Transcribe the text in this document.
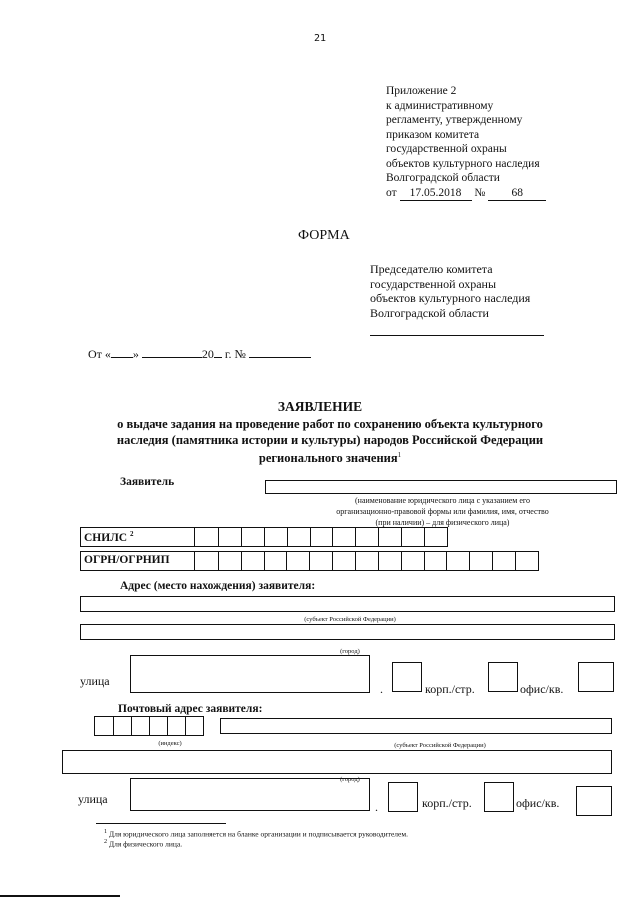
21
Приложение 2
к административному
регламенту, утвержденному
приказом комитета
государственной охраны
объектов культурного наследия
Волгоградской области
от 17.05.2018 № 68
ФОРМА
Председателю комитета
государственной охраны
объектов культурного наследия
Волгоградской области
От « »	20 г. №
ЗАЯВЛЕНИЕ
о выдаче задания на проведение работ по сохранению объекта культурного
наследия (памятника истории и культуры) народов Российской Федерации
регионального значения$^1$
Заявитель
(наименование юридического лица с указанием его
организационно-правовой формы или фамилия, имя, отчество
(при наличии) – для физического лица)
СНИЛС $^2$
ОГРН/ОГРНИП
Адрес (место нахождения) заявителя:
(субъект Российской Федерации)
(город)
улица
.	корп./стр.	офис/кв.
Почтовый адрес заявителя:
(индекс)	(субъект Российской Федерации)
(город)
улица
.	корп./стр.	офис/кв.
$^1$ Для юридического лица заполняется на бланке организации и подписывается руководителем.
$^2$ Для физического лица.
